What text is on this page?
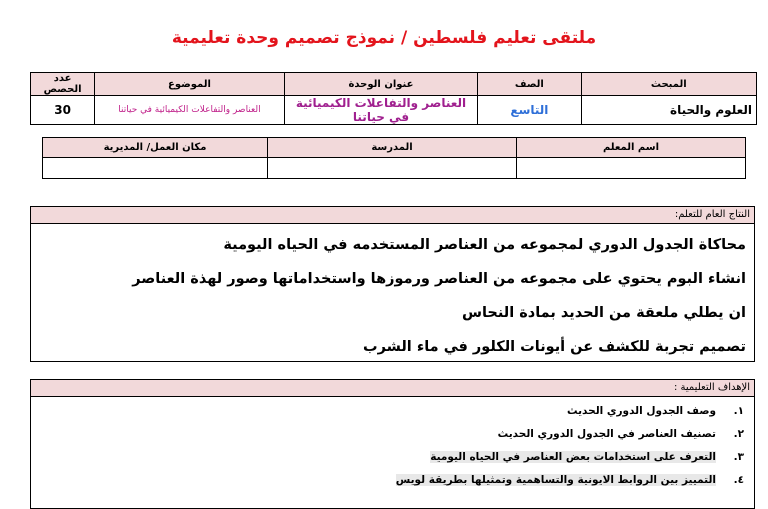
ملتقى تعليم فلسطين / نموذج تصميم وحدة تعليمية
المبحث	الصف	عنوان الوحدة	الموضوع	عدد الحصص
العلوم والحياة	التاسع	العناصر والتفاعلات الكيميائية في حياتنا	العناصر والتفاعلات الكيميائية في حياتنا	30
اسم المعلم	المدرسة	مكان العمل/ المديرية

النتاج العام للتعلم:
محاكاة الجدول الدوري لمجموعه من العناصر المستخدمه في الحياه اليومية
انشاء البوم يحتوي على مجموعه من العناصر ورموزها واستخداماتها وصور لهذة العناصر
ان يطلي ملعقة من الحديد بمادة النحاس
تصميم تجربة للكشف عن أيونات الكلور في ماء الشرب
الإهداف التعليمية :
١.
وصف الجدول الدوري الحديث
٢.
تصنيف العناصر في الجدول الدوري الحديث
٣.
التعرف على استخدامات بعض العناصر في الحياه اليومية
٤.
التمييز بين الروابط الايونية والتساهمية وتمثيلها بطريقة لويس
